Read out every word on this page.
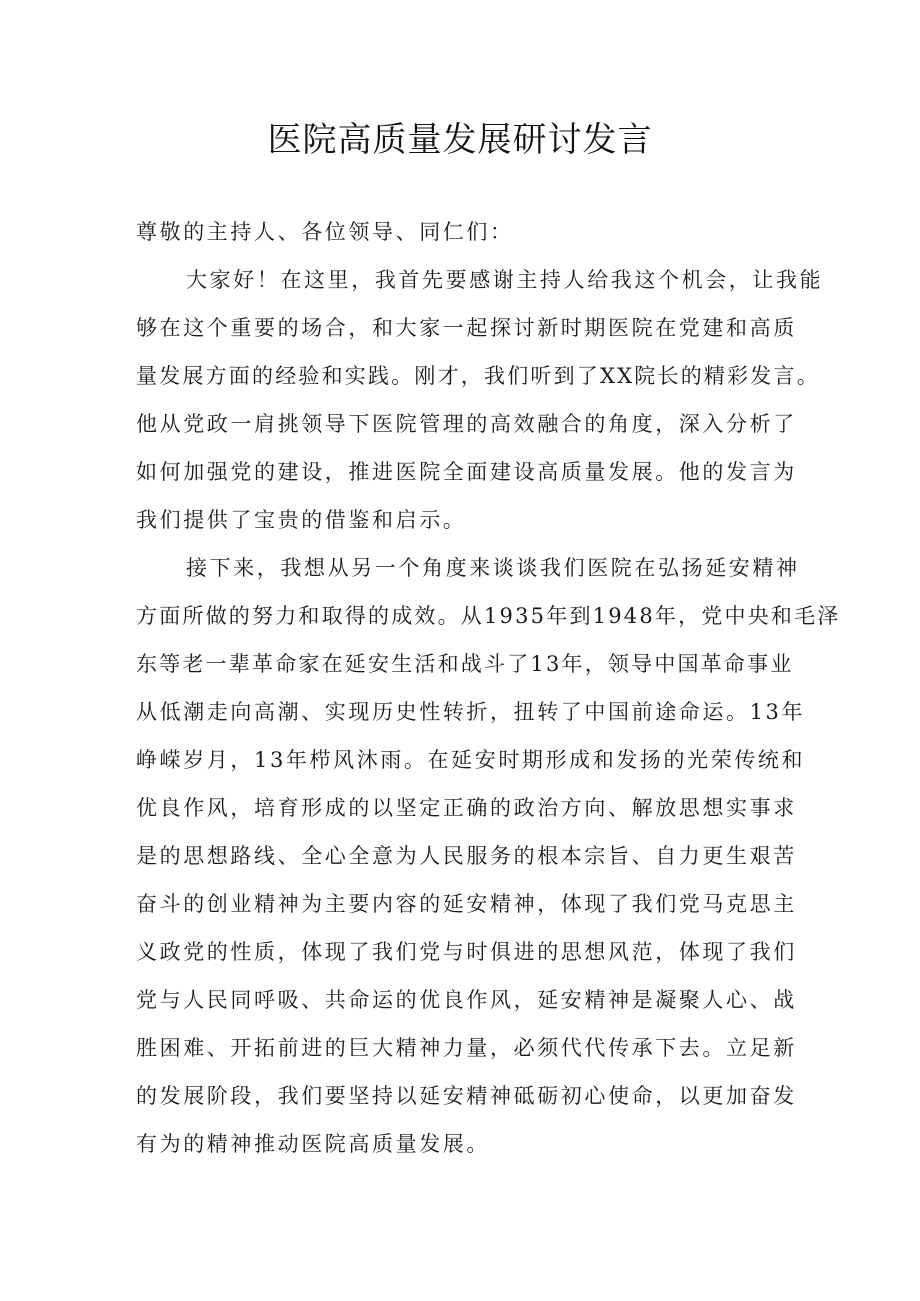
医院高质量发展研讨发言
尊敬的主持人、各位领导、同仁们：
大家好！在这里，我首先要感谢主持人给我这个机会，让我能
够在这个重要的场合，和大家一起探讨新时期医院在党建和高质
量发展方面的经验和实践。刚才，我们听到了XX院长的精彩发言。
他从党政一肩挑领导下医院管理的高效融合的角度，深入分析了
如何加强党的建设，推进医院全面建设高质量发展。他的发言为
我们提供了宝贵的借鉴和启示。
接下来，我想从另一个角度来谈谈我们医院在弘扬延安精神
方面所做的努力和取得的成效。从1935年到1948年，党中央和毛泽
东等老一辈革命家在延安生活和战斗了13年，领导中国革命事业
从低潮走向高潮、实现历史性转折，扭转了中国前途命运。13年
峥嵘岁月，13年栉风沐雨。在延安时期形成和发扬的光荣传统和
优良作风，培育形成的以坚定正确的政治方向、解放思想实事求
是的思想路线、全心全意为人民服务的根本宗旨、自力更生艰苦
奋斗的创业精神为主要内容的延安精神，体现了我们党马克思主
义政党的性质，体现了我们党与时俱进的思想风范，体现了我们
党与人民同呼吸、共命运的优良作风，延安精神是凝聚人心、战
胜困难、开拓前进的巨大精神力量，必须代代传承下去。立足新
的发展阶段，我们要坚持以延安精神砥砺初心使命，以更加奋发
有为的精神推动医院高质量发展。
